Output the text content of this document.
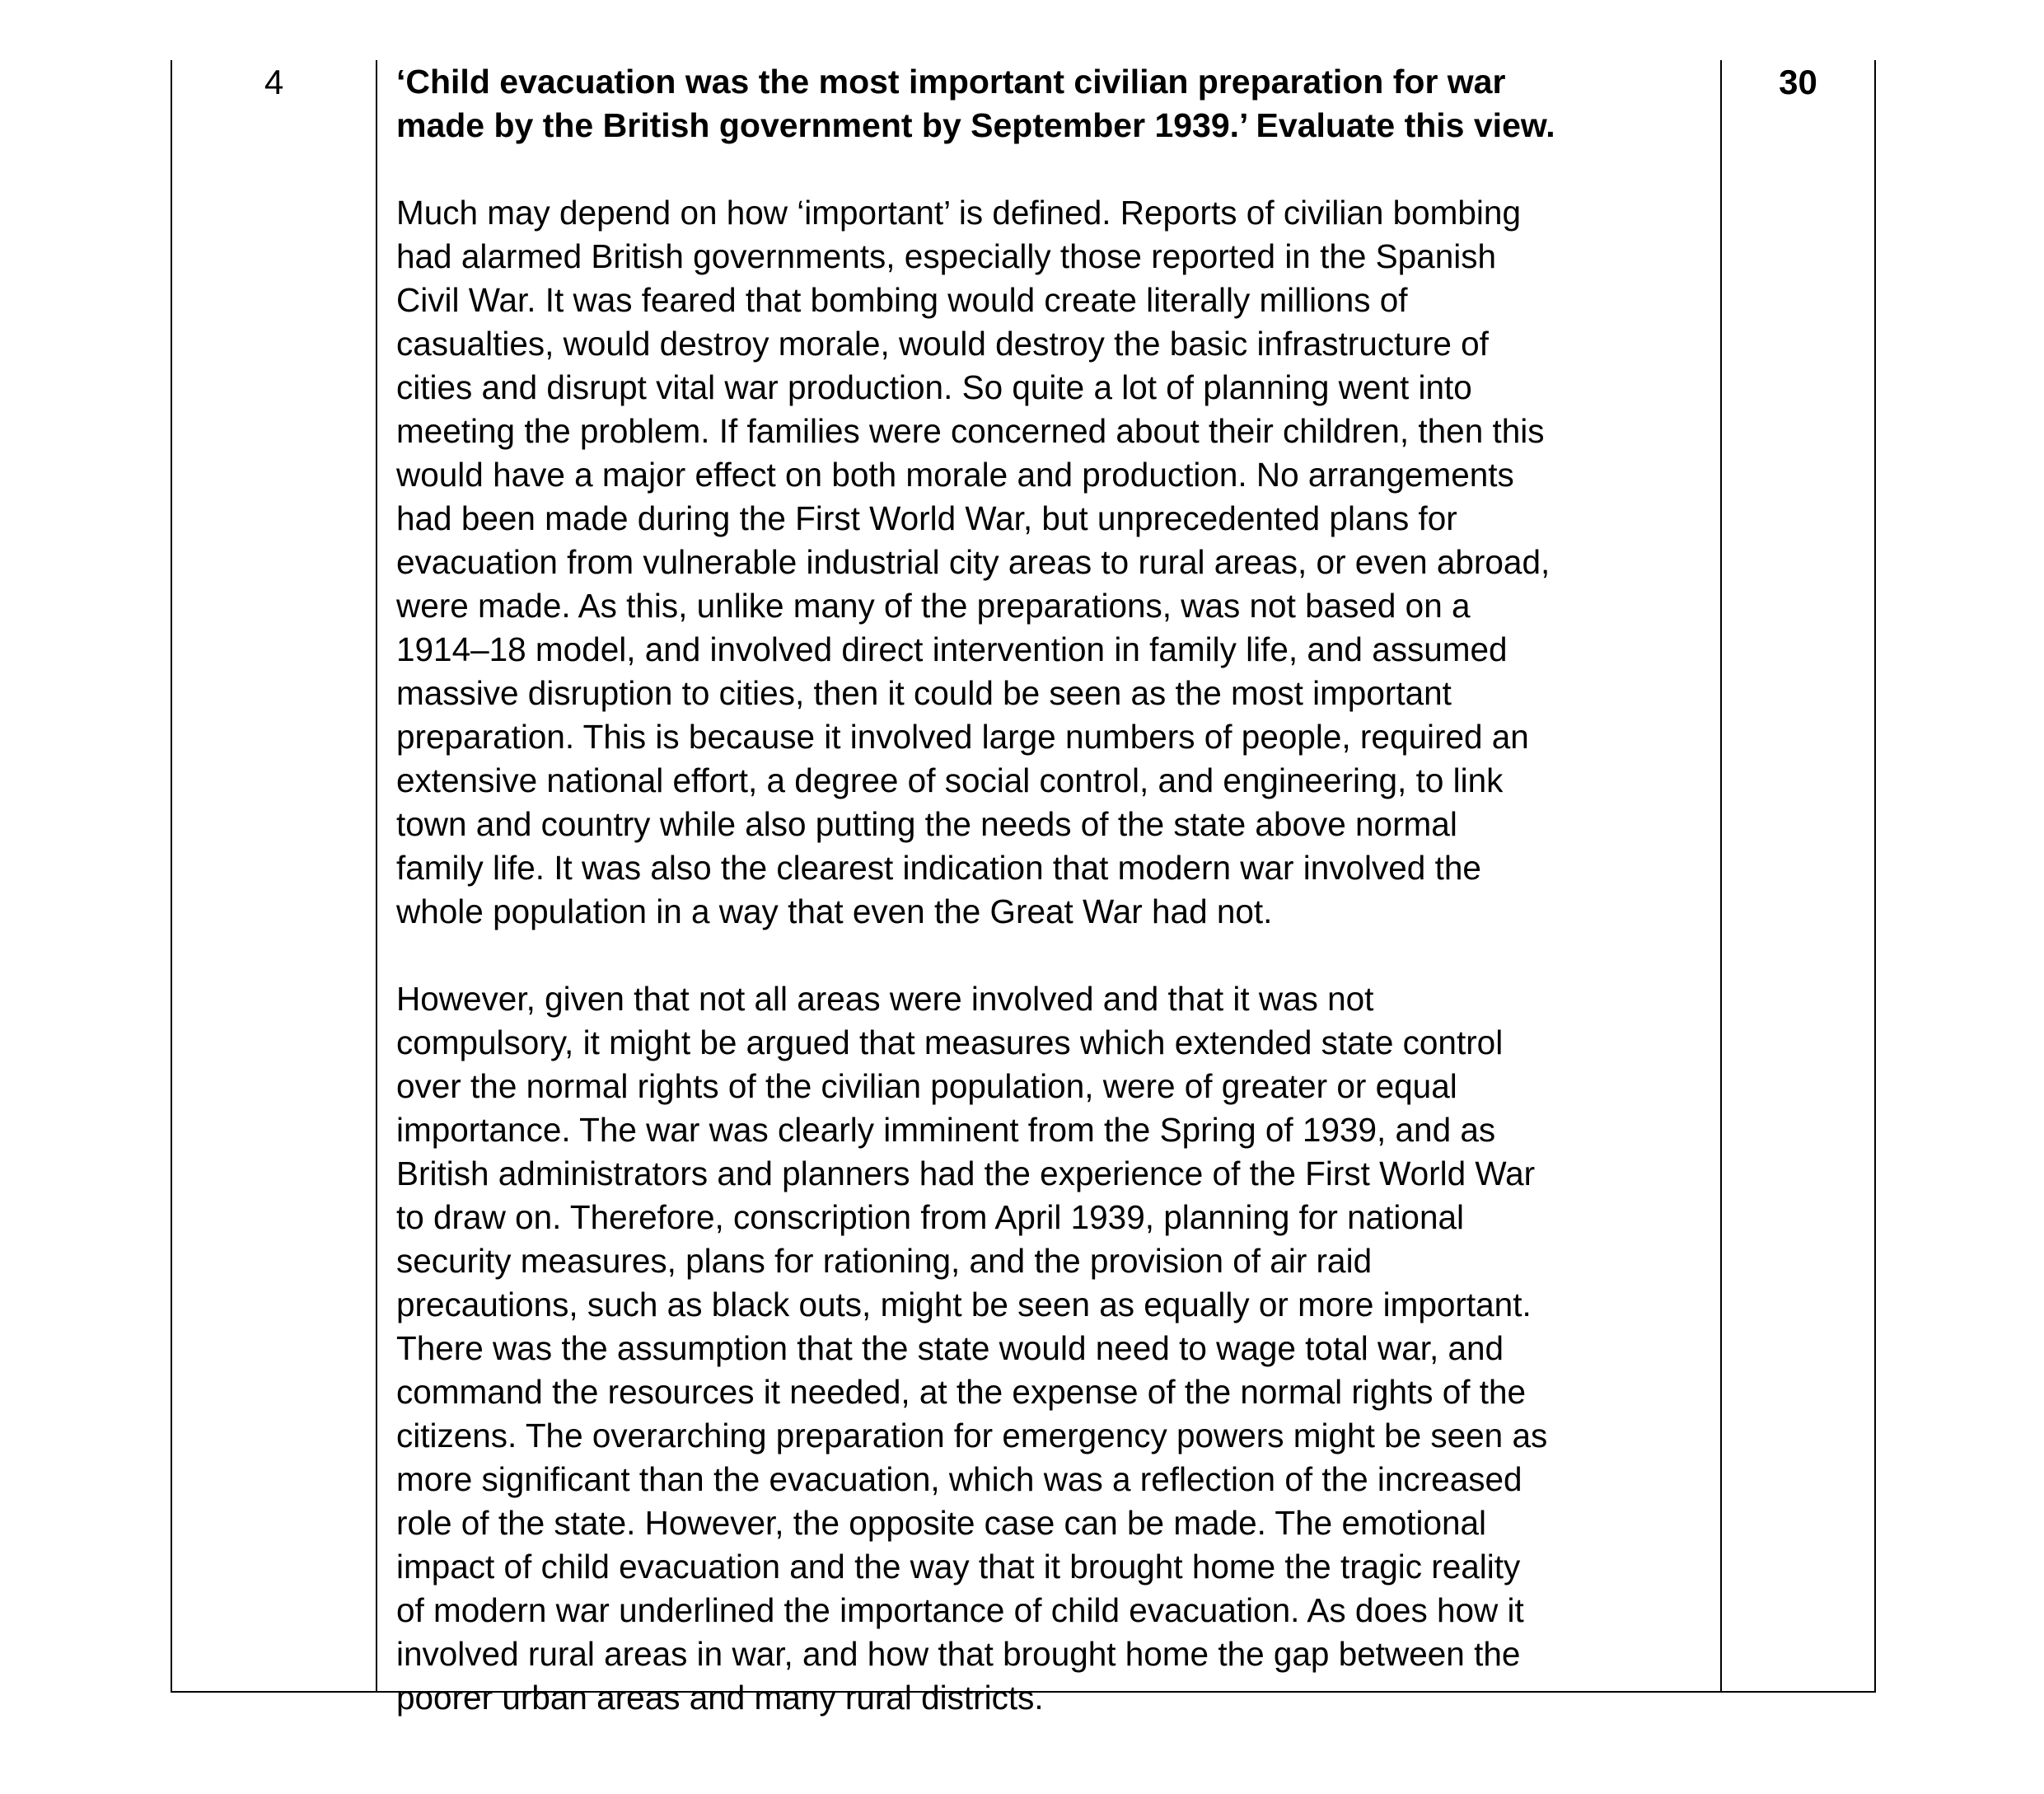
4	‘Child evacuation was the most important civilian preparation for war
made by the British government by September 1939.’ Evaluate this view.

Much may depend on how ‘important’ is defined. Reports of civilian bombing
had alarmed British governments, especially those reported in the Spanish
Civil War. It was feared that bombing would create literally millions of
casualties, would destroy morale, would destroy the basic infrastructure of
cities and disrupt vital war production. So quite a lot of planning went into
meeting the problem. If families were concerned about their children, then this
would have a major effect on both morale and production. No arrangements
had been made during the First World War, but unprecedented plans for
evacuation from vulnerable industrial city areas to rural areas, or even abroad,
were made. As this, unlike many of the preparations, was not based on a
1914–18 model, and involved direct intervention in family life, and assumed
massive disruption to cities, then it could be seen as the most important
preparation. This is because it involved large numbers of people, required an
extensive national effort, a degree of social control, and engineering, to link
town and country while also putting the needs of the state above normal
family life. It was also the clearest indication that modern war involved the
whole population in a way that even the Great War had not.

However, given that not all areas were involved and that it was not
compulsory, it might be argued that measures which extended state control
over the normal rights of the civilian population, were of greater or equal
importance. The war was clearly imminent from the Spring of 1939, and as
British administrators and planners had the experience of the First World War
to draw on. Therefore, conscription from April 1939, planning for national
security measures, plans for rationing, and the provision of air raid
precautions, such as black outs, might be seen as equally or more important.
There was the assumption that the state would need to wage total war, and
command the resources it needed, at the expense of the normal rights of the
citizens. The overarching preparation for emergency powers might be seen as
more significant than the evacuation, which was a reflection of the increased
role of the state. However, the opposite case can be made. The emotional
impact of child evacuation and the way that it brought home the tragic reality
of modern war underlined the importance of child evacuation. As does how it
involved rural areas in war, and how that brought home the gap between the
poorer urban areas and many rural districts.

30
